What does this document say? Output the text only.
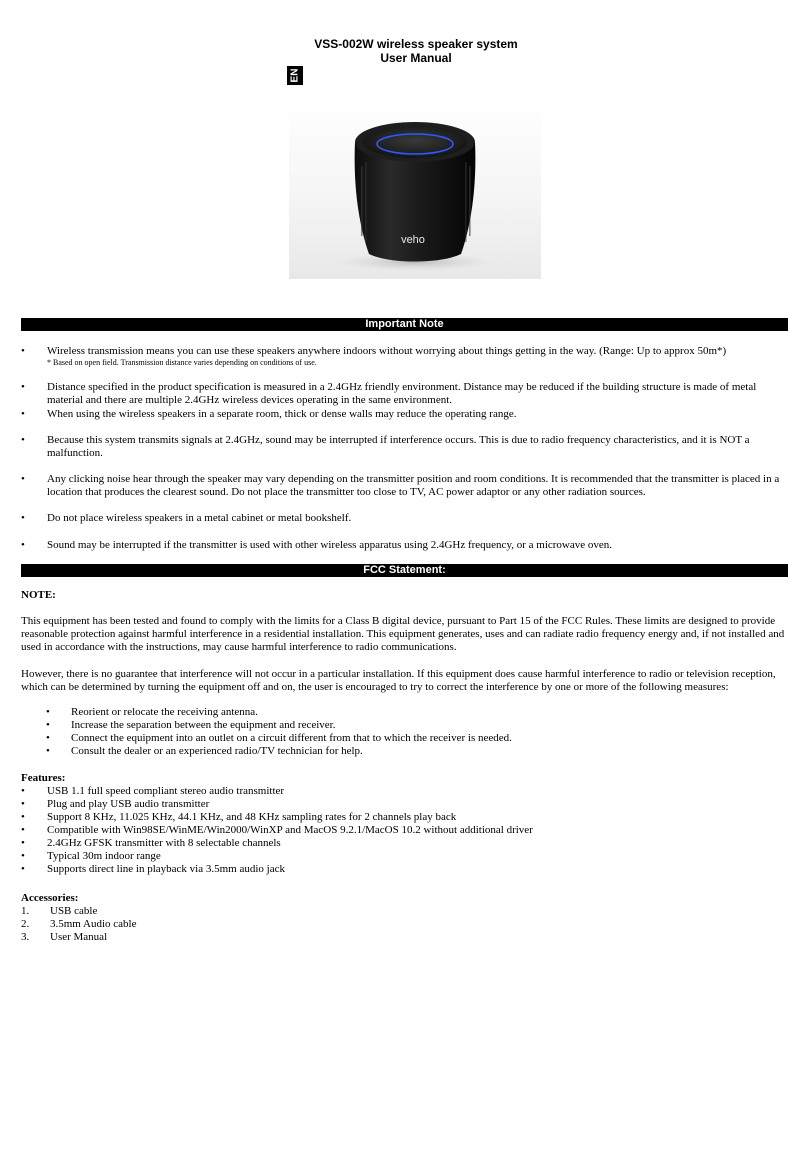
VSS-002W wireless speaker system
User Manual
EN
veho
Important Note
• Wireless transmission means you can use these speakers anywhere indoors without worrying about things getting in the way. (Range: Up to approx 50m*)
* Based on open field. Transmission distance varies depending on conditions of use.
• Distance specified in the product specification is measured in a 2.4GHz friendly environment. Distance may be reduced if the building structure is made of metal material and there are multiple 2.4GHz wireless devices operating in the same environment.
• When using the wireless speakers in a separate room, thick or dense walls may reduce the operating range.
• Because this system transmits signals at 2.4GHz, sound may be interrupted if interference occurs. This is due to radio frequency characteristics, and it is NOT a malfunction.
• Any clicking noise hear through the speaker may vary depending on the transmitter position and room conditions. It is recommended that the transmitter is placed in a location that produces the clearest sound. Do not place the transmitter too close to TV, AC power adaptor or any other radiation sources.
• Do not place wireless speakers in a metal cabinet or metal bookshelf.
• Sound may be interrupted if the transmitter is used with other wireless apparatus using 2.4GHz frequency, or a microwave oven.
FCC Statement:
NOTE:

This equipment has been tested and found to comply with the limits for a Class B digital device, pursuant to Part 15 of the FCC Rules. These limits are designed to provide reasonable protection against harmful interference in a residential installation. This equipment generates, uses and can radiate radio frequency energy and, if not installed and used in accordance with the instructions, may cause harmful interference to radio communications.

However, there is no guarantee that interference will not occur in a particular installation. If this equipment does cause harmful interference to radio or television reception, which can be determined by turning the equipment off and on, the user is encouraged to try to correct the interference by one or more of the following measures:

• Reorient or relocate the receiving antenna.
• Increase the separation between the equipment and receiver.
• Connect the equipment into an outlet on a circuit different from that to which the receiver is needed.
• Consult the dealer or an experienced radio/TV technician for help.
Features:
• USB 1.1 full speed compliant stereo audio transmitter
• Plug and play USB audio transmitter
• Support 8 KHz, 11.025 KHz, 44.1 KHz, and 48 KHz sampling rates for 2 channels play back
• Compatible with Win98SE/WinME/Win2000/WinXP and MacOS 9.2.1/MacOS 10.2 without additional driver
• 2.4GHz GFSK transmitter with 8 selectable channels
• Typical 30m indoor range
• Supports direct line in playback via 3.5mm audio jack
Accessories:
1. USB cable
2. 3.5mm Audio cable
3. User Manual
